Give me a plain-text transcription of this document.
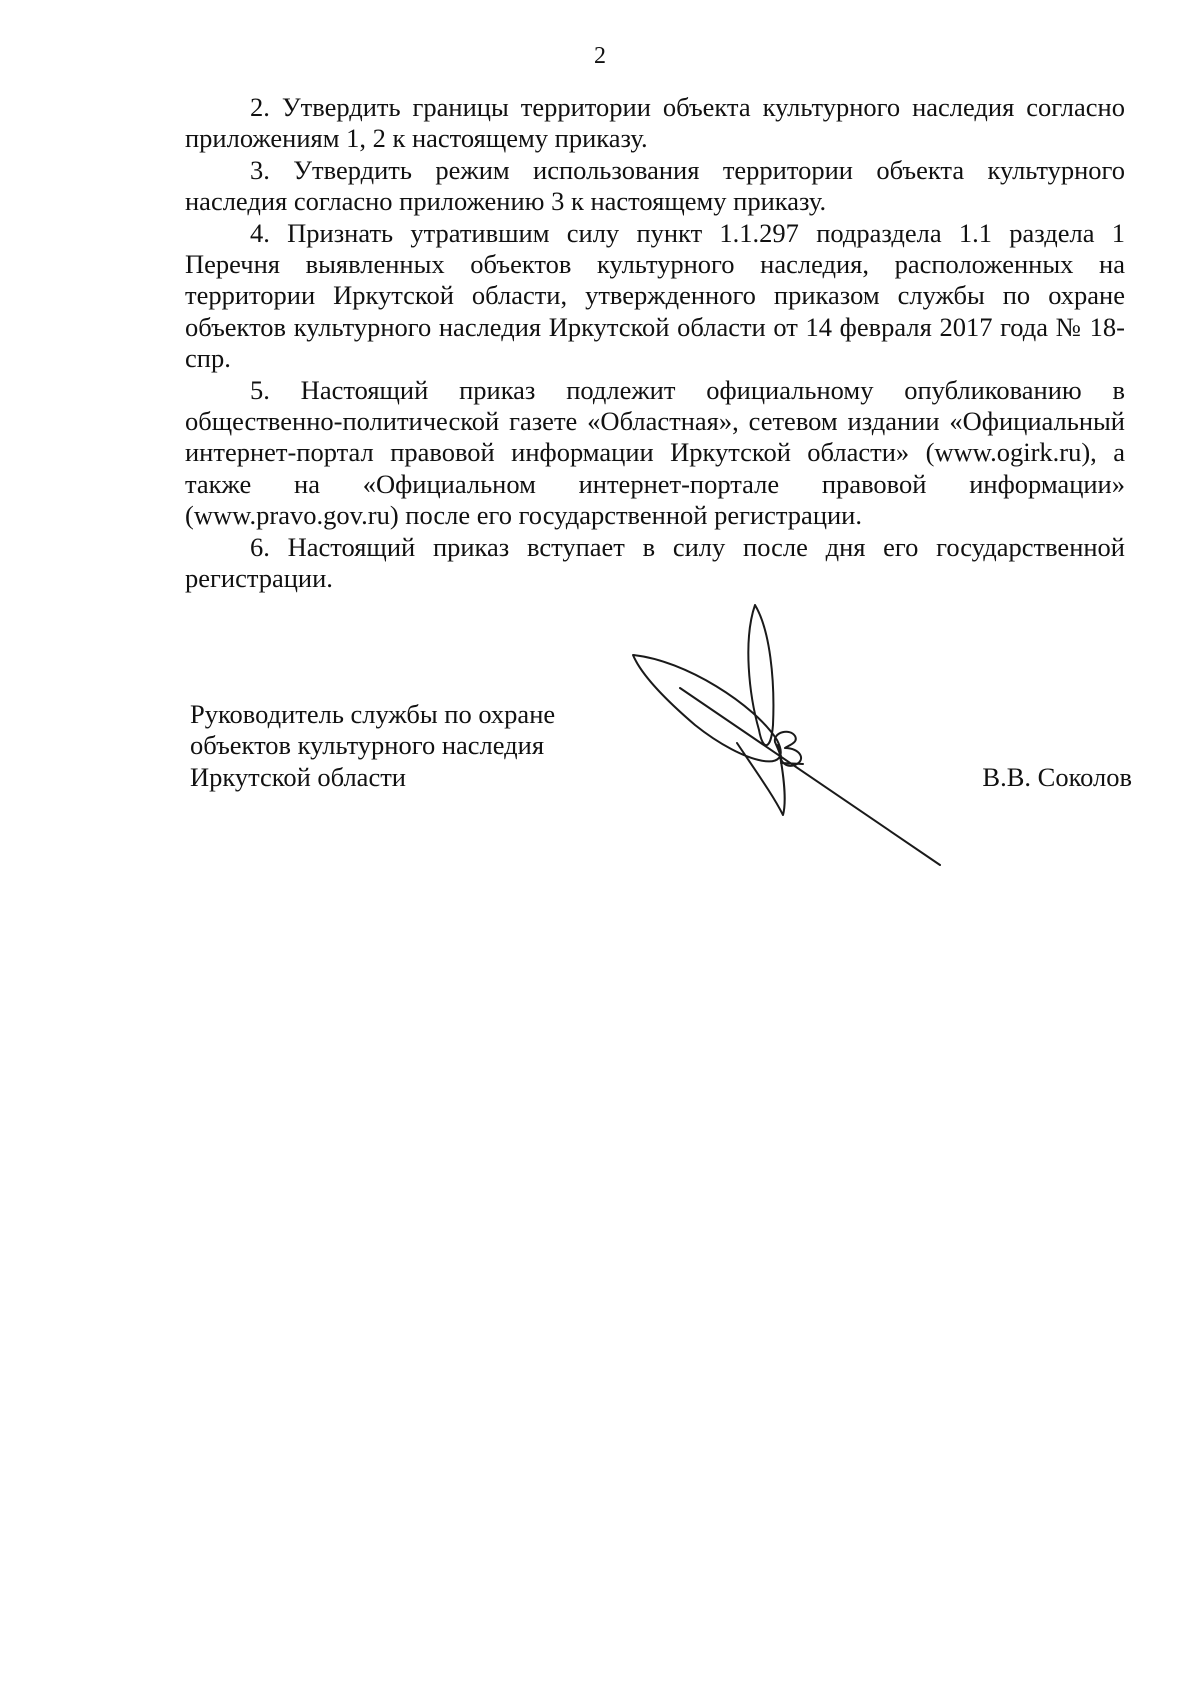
2

2. Утвердить границы территории объекта культурного наследия согласно приложениям 1, 2 к настоящему приказу.

3. Утвердить режим использования территории объекта культурного наследия согласно приложению 3 к настоящему приказу.

4. Признать утратившим силу пункт 1.1.297 подраздела 1.1 раздела 1 Перечня выявленных объектов культурного наследия, расположенных на территории Иркутской области, утвержденного приказом службы по охране объектов культурного наследия Иркутской области от 14 февраля 2017 года № 18-спр.

5. Настоящий приказ подлежит официальному опубликованию в общественно-политической газете «Областная», сетевом издании «Официальный интернет-портал правовой информации Иркутской области» (www.ogirk.ru), а также на «Официальном интернет-портале правовой информации» (www.pravo.gov.ru) после его государственной регистрации.

6. Настоящий приказ вступает в силу после дня его государственной регистрации.

Руководитель службы по охране
объектов культурного наследия
Иркутской области	В.В. Соколов
